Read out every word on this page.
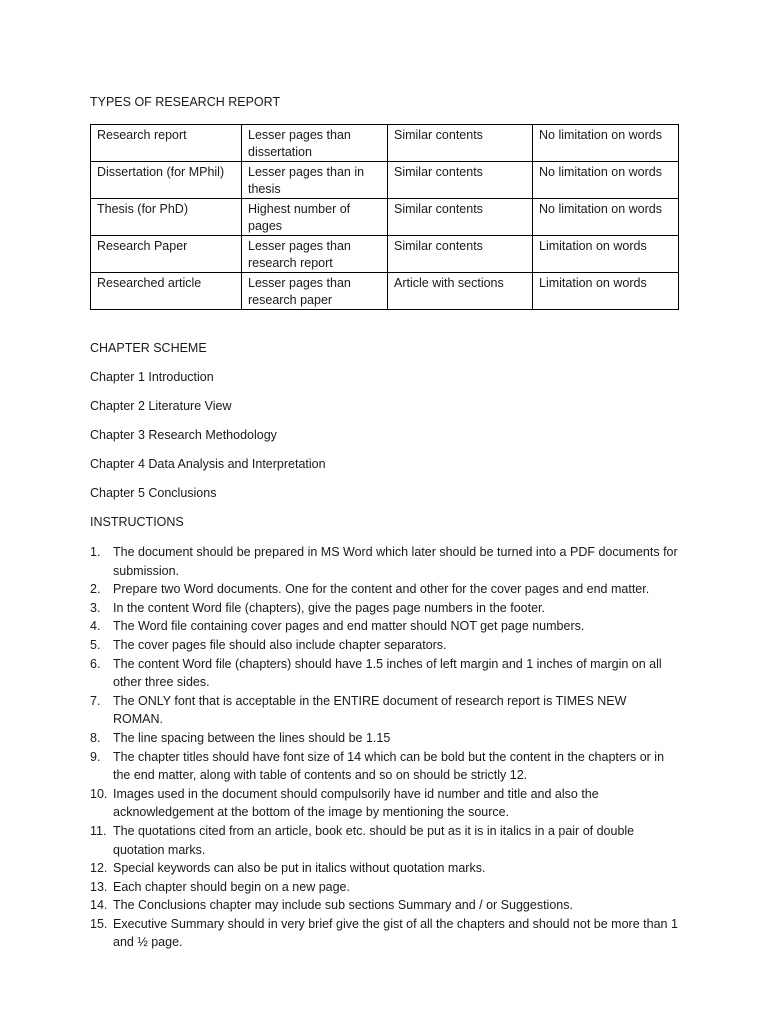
TYPES OF RESEARCH REPORT

Research report	Lesser pages than dissertation	Similar contents	No limitation on words
Dissertation (for MPhil)	Lesser pages than in thesis	Similar contents	No limitation on words
Thesis (for PhD)	Highest number of pages	Similar contents	No limitation on words
Research Paper	Lesser pages than research report	Similar contents	Limitation on words
Researched article	Lesser pages than research paper	Article with sections	Limitation on words

CHAPTER SCHEME

Chapter 1 Introduction

Chapter 2 Literature View

Chapter 3 Research Methodology

Chapter 4 Data Analysis and Interpretation

Chapter 5 Conclusions

INSTRUCTIONS

1. The document should be prepared in MS Word which later should be turned into a PDF documents for submission.
2. Prepare two Word documents. One for the content and other for the cover pages and end matter.
3. In the content Word file (chapters), give the pages page numbers in the footer.
4. The Word file containing cover pages and end matter should NOT get page numbers.
5. The cover pages file should also include chapter separators.
6. The content Word file (chapters) should have 1.5 inches of left margin and 1 inches of margin on all other three sides.
7. The ONLY font that is acceptable in the ENTIRE document of research report is TIMES NEW ROMAN.
8. The line spacing between the lines should be 1.15
9. The chapter titles should have font size of 14 which can be bold but the content in the chapters or in the end matter, along with table of contents and so on should be strictly 12.
10. Images used in the document should compulsorily have id number and title and also the acknowledgement at the bottom of the image by mentioning the source.
11. The quotations cited from an article, book etc. should be put as it is in italics in a pair of double quotation marks.
12. Special keywords can also be put in italics without quotation marks.
13. Each chapter should begin on a new page.
14. The Conclusions chapter may include sub sections Summary and / or Suggestions.
15. Executive Summary should in very brief give the gist of all the chapters and should not be more than 1 and ½ page.
